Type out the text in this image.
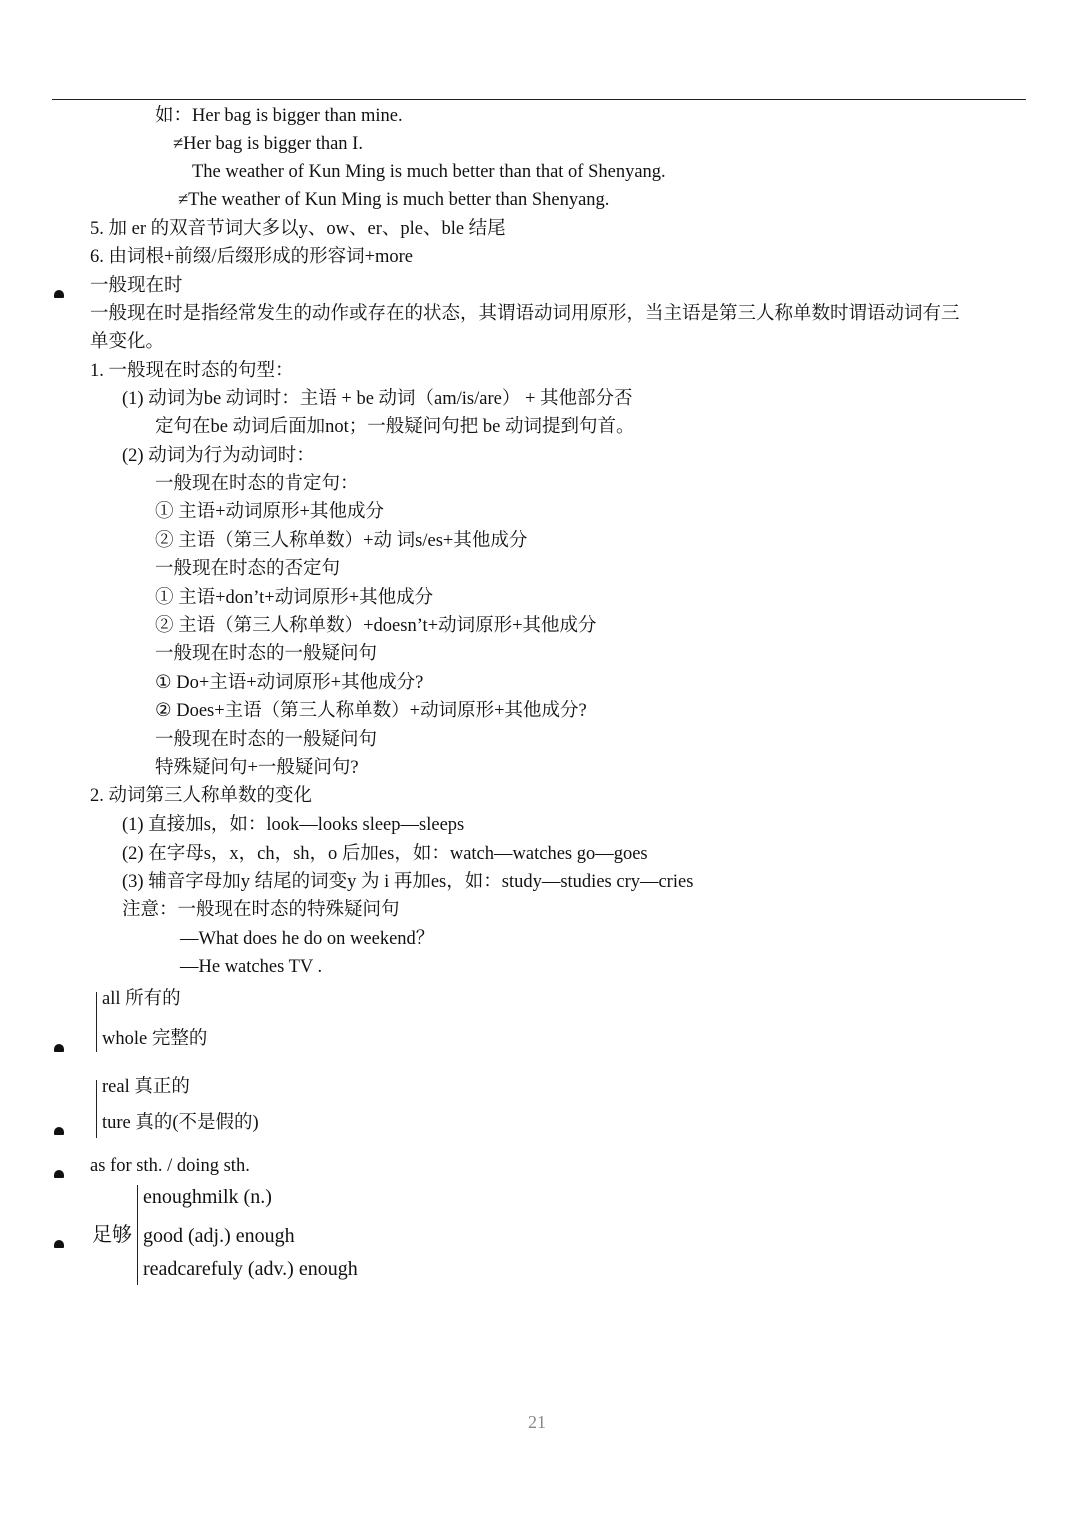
如：Her bag is bigger than mine.
≠Her bag is bigger than I.
The weather of Kun Ming is much better than that of Shenyang.
≠The weather of Kun Ming is much better than Shenyang.
5. 加 er 的双音节词大多以y、ow、er、ple、ble 结尾
6. 由词根+前缀/后缀形成的形容词+more
一般现在时
一般现在时是指经常发生的动作或存在的状态，其谓语动词用原形，当主语是第三人称单数时谓语动词有三
单变化。
1. 一般现在时态的句型：
(1) 动词为be 动词时：主语 + be 动词（am/is/are） + 其他部分否
定句在be 动词后面加not；一般疑问句把 be 动词提到句首。
(2) 动词为行为动词时：
一般现在时态的肯定句：
① 主语+动词原形+其他成分
② 主语（第三人称单数）+动 词s/es+其他成分
一般现在时态的否定句
① 主语+don’t+动词原形+其他成分
② 主语（第三人称单数）+doesn’t+动词原形+其他成分
一般现在时态的一般疑问句
① Do+主语+动词原形+其他成分?
② Does+主语（第三人称单数）+动词原形+其他成分?
一般现在时态的一般疑问句
特殊疑问句+一般疑问句?
2. 动词第三人称单数的变化
(1) 直接加s，如：look—looks sleep—sleeps
(2) 在字母s，x，ch，sh，o 后加es，如：watch—watches go—goes
(3) 辅音字母加y 结尾的词变y 为 i 再加es，如：study—studies cry—cries
注意：一般现在时态的特殊疑问句
—What does he do on weekend？
—He watches TV .
all 所有的
whole 完整的
real 真正的
ture 真的(不是假的)
as for sth. / doing sth.
足够
enoughmilk (n.)
good (adj.) enough
readcarefuly (adv.) enough
21
